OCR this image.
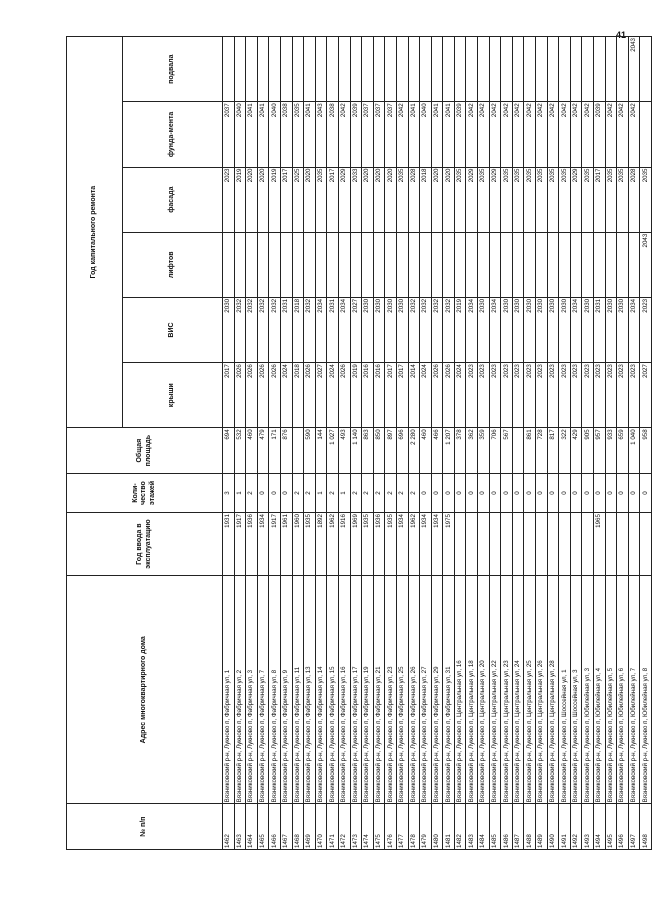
41
№ п/п	Адрес многоквартирного дома	Год ввода в эксплуатацию	Коли-чество этажей	Общая площадь	Год капитального ремонта					
					крыши	ВИС	лифтов	фасада	фунда-мента	подвала
1462	Вязниковский р-н, Лукново п, Фабричная ул, 1	1931	3	694	2017	2030		2023	2037	
1463	Вязниковский р-н, Лукново п, Фабричная ул, 2	1917	1	532	2026	2032		2019	2040	
1464	Вязниковский р-н, Лукново п, Фабричная ул, 3	1936	2	460	2026	2032		2020	2041	
1465	Вязниковский р-н, Лукново п, Фабричная ул, 7	1934	0	479	2026	2032		2020	2041	
1466	Вязниковский р-н, Лукново п, Фабричная ул, 8	1917	0	171	2026	2032		2019	2040	
1467	Вязниковский р-н, Лукново п, Фабричная ул, 9	1961	0	876	2024	2031		2017	2038	
1468	Вязниковский р-н, Лукново п, Фабричная ул, 11	1960	2		2018	2018		2025	2035	
1469	Вязниковский р-н, Лукново п, Фабричная ул, 13	1935	2	590	2026	2032		2020	2041	
1470	Вязниковский р-н, Лукново п, Фабричная ул, 14	1892	1	144	2027	2034		2035	2043	
1471	Вязниковский р-н, Лукново п, Фабричная ул, 15	1962	2	1 027	2024	2031		2017	2038	
1472	Вязниковский р-н, Лукново п, Фабричная ул, 16	1916	1	493	2026	2034		2029	2042	
1473	Вязниковский р-н, Лукново п, Фабричная ул, 17	1969	2	1 140	2019	2027		2033	2039	
1474	Вязниковский р-н, Лукново п, Фабричная ул, 19	1935	2	863	2016	2030		2020	2037	
1475	Вязниковский р-н, Лукново п, Фабричная ул, 21	1936	2	850	2016	2030		2020	2037	
1476	Вязниковский р-н, Лукново п, Фабричная ул, 23	1935	2	897	2017	2030		2020	2037	
1477	Вязниковский р-н, Лукново п, Фабричная ул, 25	1934	2	696	2017	2030		2035	2042	
1478	Вязниковский р-н, Лукново п, Фабричная ул, 26	1962	2	2 280	2014	2032		2028	2041	
1479	Вязниковский р-н, Лукново п, Фабричная ул, 27	1934	0	460	2024	2032		2018	2040	
1480	Вязниковский р-н, Лукново п, Фабричная ул, 29	1934	0	466	2026	2032		2020	2041	
1481	Вязниковский р-н, Лукново п, Фабричная ул, 31	1975	0	1 207	2026	2032		2020	2041	
1482	Вязниковский р-н, Лукново п, Центральная ул, 16		0	378	2024	2019		2035	2039	
1483	Вязниковский р-н, Лукново п, Центральная ул, 18		0	362	2023	2034		2029	2042	
1484	Вязниковский р-н, Лукново п, Центральная ул, 20		0	359	2023	2030		2035	2042	
1485	Вязниковский р-н, Лукново п, Центральная ул, 22		0	706	2023	2034		2029	2042	
1486	Вязниковский р-н, Лукново п, Центральная ул, 23		0	567	2023	2030		2035	2042	
1487	Вязниковский р-н, Лукново п, Центральная ул, 24		0		2023	2030		2035	2042	
1488	Вязниковский р-н, Лукново п, Центральная ул, 25		0	861	2023	2030		2035	2042	
1489	Вязниковский р-н, Лукново п, Центральная ул, 26		0	728	2023	2030		2035	2042	
1490	Вязниковский р-н, Лукново п, Центральная ул, 28		0	817	2023	2030		2035	2042	
1491	Вязниковский р-н, Лукново п, Шоссейная ул, 1		0	322	2023	2030		2035	2042	
1492	Вязниковский р-н, Лукново п, Шоссейная ул, 3		0	429	2023	2034		2029	2042	
1493	Вязниковский р-н, Лукново п, Юбилейная ул, 3		0	905	2023	2030		2035	2042	
1494	Вязниковский р-н, Лукново п, Юбилейная ул, 4	1965	0	957	2023	2031		2017	2039	
1495	Вязниковский р-н, Лукново п, Юбилейная ул, 5		0	933	2023	2030		2035	2042	
1496	Вязниковский р-н, Лукново п, Юбилейная ул, 6		0	659	2023	2030		2035	2042	
1497	Вязниковский р-н, Лукново п, Юбилейная ул, 7		0	1 040	2023	2034		2028	2042	2043
1498	Вязниковский р-н, Лукново п, Юбилейная ул, 8		0	958	2027	2023	2043	2035		
